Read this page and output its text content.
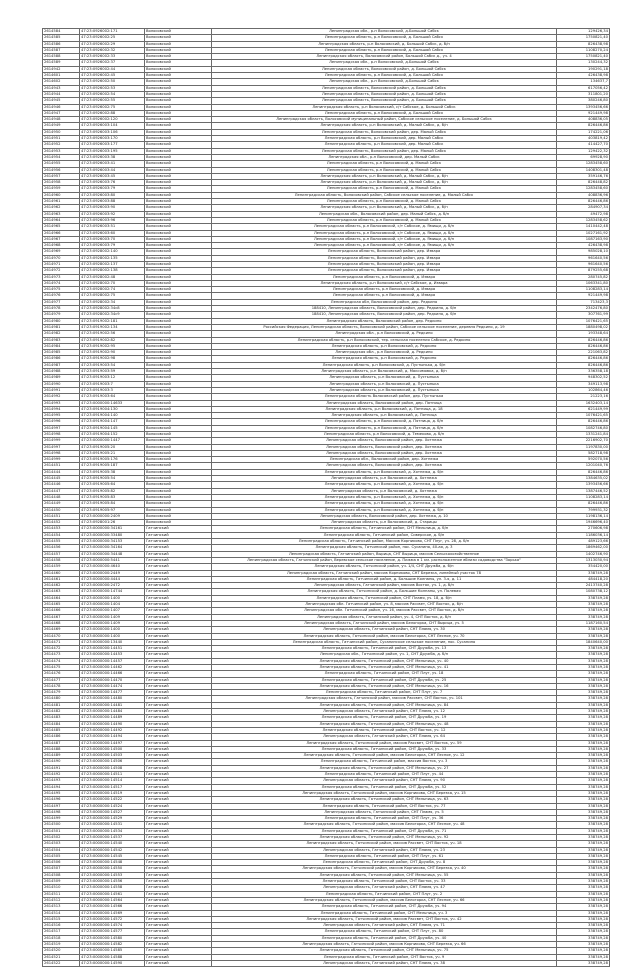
2614584	47:23:0926002:171	Волосовский	Ленинградская обл., р-н Волосовский, д.Большой Сабск	129426,34
2614585	47:23:0926002:25	Волосовский	Ленинградская область, р-н Волосовский, д. Большой Сабск	1750821,40
2614586	47:23:0926002:29	Волосовский	Ленинградская область, р-н Волосовский, д. Большой Сабск, д. б/н	826438,98
2614587	47:23:0926002:32	Волосовский	Ленинградская область, р-н Волосовский, д. Большой Сабск	1108270,24
2614588	47:23:0926002:33	Волосовский	Ленинградская область, Волосовский район, Большой Сабск д., уч. 4	1750821,40
2614589	47:23:0926002:37	Волосовский	Ленинградская обл., р-н Волосовский, д.Большой Сабск	130244,32
2614942	47:23:0926002:44	Волосовский	Ленинградская область, Волосовский район, д. Большой Сабск	190291,18
2614601	47:23:0926002:45	Волосовский	Ленинградская область, р-н Волосовский, д. Большой Сабск	426438,98
2614602	47:23:0926002:50	Волосовский	Ленинградская обл., р-н Волосовский, д.Большой Сабск	134637,7
2614943	47:23:0926002:53	Волосовский	Ленинградская область, Волосовский район, д. Большой Сабск	617056,42
2614944	47:23:0926002:54	Волосовский	Ленинградская область, Волосовский район, д. Большой Сабск	311801,20
2614945	47:23:0926002:55	Волосовский	Ленинградская область, Волосовский район, д. Большой Сабск	380246,80
2614946	47:23:0926002:75	Волосовский	Ленинградская область, р-н Волосовский, с/т Сабское, д. Большой Сабск	1393456,66
2614947	47:23:0926002:88	Волосовский	Ленинградская область, р-н Волосовский, д. Большой Сабск	921449,98
2614948	47:23:0926002:120	Волосовский	Ленинградская область, Волосовский муниципальный район, Сабское сельское поселение, д. Большой Сабск	408836,05
2614949	47:23:0926003:104	Волосовский	Ленинградская область, р-н Волосовский, д. Малый Сабск, д. б/н	826446,86
2614950	47:23:0926003:106	Волосовский	Ленинградская область, Волосовский район, дер. Малый Сабск	174221,06
2614951	47:23:0926003:170	Волосовский	Ленинградская область, р-н Волосовский, дер. Малый Сабск	403819,42
2614952	47:23:0926003:177	Волосовский	Ленинградская область, р-н Волосовский, дер. Малый Сабск	414427,70
2614953	47:23:0926003:195	Волосовский	Ленинградская область, Волосовский район, дер. Малый Сабск	129422,32
2614954	47:23:0926003:38	Волосовский	Ленинградская обл., р-н Волосовский, дер. Малый Сабск	69928,90
2614955	47:23:0926003:41	Волосовский	Ленинградская область, р-н Волосовский, д. Малый Сабск	1283458,60
2614956	47:23:0926003:44	Волосовский	Ленинградская область, р-н Волосовский, д. Малый Сабск	1408301,48
2614957	47:23:0926003:45	Волосовский	Ленинградская область, р-н Волосовский, д. Малый Сабск, д. б/н	359146,76
2614958	47:23:0926003:76	Волосовский	Ленинградская область, р-н Волосовский, д. Малый Сабск, д. б/н	826448,82
2614959	47:23:0926003:79	Волосовский	Ленинградская область, р-н Волосовский, д. Малый Сабск	1283458,60
2614960	47:23:0926003:80	Волосовский	Ленинградская область, Волосовский район, Сабское сельское поселение, д. Малый Сабск	408836,96
2614961	47:23:0926003:88	Волосовский	Ленинградская область, р-н Волосовский, д. Малый Сабск	826446,86
2614962	47:23:0926003:90	Волосовский	Ленинградская область, р-н Волосовский, д. Малый Сабск, д. б/н	284907,34
2614963	47:23:0926003:92	Волосовский	Ленинградская обл., Волосовский район, дер. Малый Сабск, д. б/н	49472,98
2614964	47:23:0926003:96	Волосовский	Ленинградская область, р-н Волосовский, д. Малый Сабск	1283458,62
2614965	47:23:0926003:51	Волосовский	Ленинградская область, р-н Волосовский, с/т Сабское, д. Ямищи, д. б/н	1410442,48
2614966	47:23:0926003:60	Волосовский	Ленинградская область, р-н Волосовский, с/т Сабское, д. Ямищи, д. б/н	1027161,92
2614967	47:23:0926003:70	Волосовский	Ленинградская область, р-н Волосовский, с/т Сабское, д. Ямищи, д. б/н	1087163,90
2614968	47:23:0926003:79	Волосовский	Ленинградская область, р-н Волосовский, с/т Сабское, д. Ямищи, д. б/н	426438,98
2614969	47:23:0928002:140	Волосовский	Ленинградская область, Волосовский район, дер. Извара	985028,10
2614970	47:23:0928002:135	Волосовский	Ленинградская область, Волосовский район, дер. Извара	961640,56
2614971	47:23:0928002:137	Волосовский	Ленинградская область, Волосовский район, дер. Извара	961640,56
2614972	47:23:0928002:138	Волосовский	Ленинградская область, Волосовский район, дер. Извара	879255,68
2614973	47:23:0928002:48	Волосовский	Ленинградская область, р-н Волосовский, д. Извара	280745,82
2614974	47:23:0928002:70	Волосовский	Ленинградская область, р-н Волосовский, с/т Сабское, д. Извара	1063341,80
2614975	47:23:0928002:74	Волосовский	Ленинградская область, р-н Волосовский, д. Извара	1108283,14
2614976	47:23:0928002:75	Волосовский	Ленинградская область, р-н Волосовский, д. Извара	921449,98
2614977	47:23:0928002:34	Волосовский	Ленинградская обл, Волосовский район, дер. Редкино	713423,3
2614978	47:23:0928002:34c8	Волосовский	188410, Ленинградская область, Волосовский район, дер. Редкино, д. б/н	2342476,80
2614979	47:23:0928002:34c9	Волосовский	188410, Ленинградская область, Волосовский район, дер. Редкино, д. б/н	307761,99
2614980	47:23:0919002:181	Волосовский	Ленинградская область, Волосовский район, дер. Редкино	1076421,65
2614981	47:23:0919002:134	Волосовский	Российская Федерация, Ленинградская область, Волосовский район, Сабское сельское поселение, деревня Редкино, д. 19	1880498,02
2614982	47:23:0919002:56	Волосовский	Ленинградская обл., р-н Волосовский, д. Редкино	193348,64
2614983	47:23:0919002:82	Волосовский	Ленинградская область, р-н Волосовский, тер. сельская поселения Сабское, д. Редкино	826446,86
2614984	47:23:0919002:95	Волосовский	Ленинградская область, р-н Волосовский, д. Редкино	826446,86
2614985	47:23:0919002:90	Волосовский	Ленинградская обл., р-н Волосовский, д. Редкино	221063,82
2614986	47:23:0919002:98	Волосовский	Ленинградская область, р-н Волосовский, д. Редкино	826446,86
2614987	47:23:0919003:54	Волосовский	Ленинградская область, р-н Волосовский, д. Пустынька, д. б/н	826446,86
2614988	47:23:0919003:59	Волосовский	Ленинградская область, р-н Волосовский, д. Максимовка, д. б/н	336358,18
2614989	47:23:0919003:12	Волосовский	Ленинградская область, р-н Волосовский, д. Пустынька	948302,52
2614990	47:23:0919003:7	Волосовский	Ленинградская область, р-н Волосовский, д. Пустынька	349113,98
2614991	47:23:0919003:3	Волосовский	Ленинградская область, р-н Волосовский, д. Пустынька	102864,46
2614992	47:23:0919003:64	Волосовский	Ленинградская область Волосовский район, дер. Пустынька	21223,16
2614993	47:23:0000000:14633	Волосовский	Ленинградская область, Волосовский район, дер. Пятница	1632403,14
2614994	47:23:0919004:130	Волосовский	Ленинградская область, р-н Волосовский, д. Пятница, д. 18	621449,99
2614995	47:23:0919004:140	Волосовский	Ленинградская область, р-н Волосовский, д. Пятница	1076421,65
2614996	47:23:0919004:147	Волосовский	Ленинградская область, р-н Волосовский, д. Пятница, д. б/н	826446,86
2614997	47:23:0919004:145	Волосовский	Ленинградская область, р-н Волосовский, д. Пятница, д. б/н	1082746,80
2614998	47:23:0919004:152	Волосовский	Ленинградская область, р-н Волосовский, д. Темеково, д. б/н	1331241,84
2614999	47:23:0000000:1447	Волосовский	Ленинградская область, Волосовский район, дер. Хотнежа	2216902,70
2614997	47:23:0919005:20	Волосовский	Ленинградская область, Волосовский район, дер. Хотнежа	1197830,00
2614998	47:23:0919005:21	Волосовский	Ленинградская область, Волосовский район, дер. Хотнежа	582718,98
2614999	47:23:0919005:176	Волосовский	Ленинградская обл., Волосовский район, дер. Хотнежа	592070,56
2614451	47:23:0919005:187	Волосовский	Ленинградская область, Волосовский район, дер. Хотнежа	1201040,76
2614444	47:23:0919005:38	Волосовский	Ленинградская область, р-н Волосовский, д. Хотнежа, д. б/н	826446,86
2614445	47:23:0919005:54	Волосовский	Ленинградская область, р-н Волосовский, д. Хотнежа	1384635,02
2614446	47:23:0919005:64	Волосовский	Ленинградская область, р-н Волосовский, д. Хотнежа, д. б/н	1393456,66
2614447	47:23:0919005:82	Волосовский	Ленинградская область, р-н Волосовский, д. Хотнежа	1387446,52
2614448	47:23:0919005:83	Волосовский	Ленинградская область, р-н Волосовский, д. Хотнежа, д. б/н	1108283,14
2614449	47:23:0919005:84	Волосовский	Ленинградская область, р-н Волосовский, д. Хотнежа, д. б/н	826446,86
2614450	47:23:0919005:97	Волосовский	Ленинградская область, р-н Волосовский, д. Хотнежа, д. б/н	799931,32
2614451	47:23:0000000:2409	Волосовский	Ленинградская область, Волосовский район, дер. Хотнежа, д. 10	1198136,14
2614452	47:23:0928001:26	Волосовский	Ленинградская область, р-н Волосовский, д. Старицы	1946696,40
2614453	47:23:0000000:34161	Гатчинский	Ленинградская область, Гатчинский район, СНТ Мельница, д. б/н	270606,98
2614454	47:23:0000000:33480	Гатчинский	Ленинградская область, Гатчинский район, Сиверское, д. б/н	1186036,14
2614455	47:23:0000000:34153	Гатчинский	Ленинградская область, Гатчинский район, Массив Корпиково, СНТ Плуг, уч. 28, д. б/н	489123,66
2614456	47:23:0000000:34164	Гатчинский	Ленинградская область, Гатчинский район, пос. Сусанино, 40-ая, д. 3	1869462,00
2614457	47:23:0000000:34448	Гатчинский	Ленинградская область, Гатчинский район, Вырица, СНТ Вырица, массив Сельскохозяйственное	1402746,90
2614458	47:23:0000000:5441	Гатчинский	Ленинградская область, Гатчинский район, Веревское сельское поселение, д. Пижма в 1 км. расположенное вблизи садоводства "Зорька"	1313030,94
2614459	47:23:0000000:4640	Гатчинский	Ленинградская область, Гатчинский район, уч. 1/4, СНТ Дружба, д. б/н	354420,00
2614460	47:23:0000000:2449	Гатчинский	Ленинградская область, Гатчинский район, массив Корпиково, СНТ Березка, линейный участок 78	338749,28
2614461	47:23:0000000:4444	Гатчинский	Ленинградская область, Гатчинский район, д. Большие Колпаны, ул. 3-я, д. 11	484418,20
2614462	47:23:0000000:2472	Гатчинский	Ленинградская область, Гатчинский район, массив Восток, уч. 1, д. б/н	2413740,28
2614463	47:23:0000000:14744	Гатчинский	Ленинградская область, Гатчинский район, д. Большие Колпаны, ул. Полевая	1080738,12
2614464	47:23:0000000:1400	Гатчинский	Ленинградская область, Гатчинский район, СНТ Пламя, уч. 18, д. б/н	338749,28
2614465	47:23:0000000:1404	Гатчинский	Ленинградская обл. Гатчинский район, уч. 8, массив Рассвет, СНТ Восток, д. б/н	338749,28
2614466	47:23:0000000:1407	Гатчинский	Ленинградская обл. Гатчинский район, уч. 16, массив Рассвет, СНТ Восток, д. б/н	338749,28
2614467	47:23:0000000:1409	Гатчинский	Ленинградская область, Гатчинский район, уч. 4, СНТ Восток, д. б/н	338749,28
2614468	47:23:0000000:1409	Гатчинский	Ленинградская область, Гатчинский район, массив Белогорка, СНТ Вырица, уч. 5	1187160,54
2614469	47:23:0000000:1400	Гатчинский	Ленинградская область, Гатчинский район, СНТ Пламя, уч. 30	338749,28
2614470	47:23:0000000:1400	Гатчинский	Ленинградская область, Гатчинский район, массив Белогорка, СНТ Лесное, уч. 70	338749,28
2614471	47:23:0000000:13440	Гатчинский	Ленинградская область, Гатчинский район, Сусанинское сельское поселение, пос. Сусанино	1840640,00
2614472	47:23:0000000:14451	Гатчинский	Ленинградская область, Гатчинский район, СНТ Дружба, уч. 13	338749,28
2614473	47:23:0000000:14453	Гатчинский	Ленинградская обл., Гатчинский район, уч. 1, СНТ Дружба, д. б/н	338749,28
2614474	47:23:0000000:14457	Гатчинский	Ленинградская область, Гатчинский район, СНТ Мельница, уч. 40	338749,28
2614475	47:23:0000000:14462	Гатчинский	Ленинградская область, Гатчинский район, СНТ Мельница, уч. 41	338749,28
2614476	47:23:0000000:14466	Гатчинский	Ленинградская область, Гатчинский район, СНТ Плуг, уч. 18	338749,28
2614477	47:23:0000000:14470	Гатчинский	Ленинградская область, Гатчинский район, СНТ Дружба, уч. 25	338749,28
2614478	47:23:0000000:14474	Гатчинский	Ленинградская область, Гатчинский район, СНТ Мельница, уч. 16	338749,28
2614479	47:23:0000000:14477	Гатчинский	Ленинградская область, Гатчинский район, СНТ Плуг, уч. 7	338749,28
2614480	47:23:0000000:14480	Гатчинский	Ленинградская область, Гатчинский район, массив Рассвет, СНТ Восток, уч. 101	338749,28
2614481	47:23:0000000:14481	Гатчинский	Ленинградская область, Гатчинский район, СНТ Мельница, уч. 84	338749,28
2614482	47:23:0000000:14484	Гатчинский	Ленинградская область, Гатчинский район, СНТ Пламя, уч. 12	338749,28
2614483	47:23:0000000:14489	Гатчинский	Ленинградская область, Гатчинский район, СНТ Дружба, уч. 19	338749,28
2614484	47:23:0000000:14490	Гатчинский	Ленинградская область, Гатчинский район, СНТ Мельница, уч. 48	338749,28
2614485	47:23:0000000:14492	Гатчинский	Ленинградская область, Гатчинский район, СНТ Восток, уч. 12	338749,28
2614486	47:23:0000000:14494	Гатчинский	Ленинградская область, Гатчинский район, СНТ Пламя, уч. 64	338749,28
2614487	47:23:0000000:14497	Гатчинский	Ленинградская область, Гатчинский район, массив Рассвет, СНТ Восток, уч. 59	338749,28
2614488	47:23:0000000:14500	Гатчинский	Ленинградская область, Гатчинский район, СНТ Дружба, уч. 33	338749,28
2614489	47:23:0000000:14503	Гатчинский	Ленинградская область, Гатчинский район, массив Белогорка, СНТ Лесное, уч. 12	338749,28
2614490	47:23:0000000:14506	Гатчинский	Ленинградская область, Гатчинский район, массив Восток, уч. 3	338749,28
2614491	47:23:0000000:14508	Гатчинский	Ленинградская область, Гатчинский район, СНТ Мельница, уч. 27	338749,28
2614492	47:23:0000000:14511	Гатчинский	Ленинградская область, Гатчинский район, СНТ Плуг, уч. 44	338749,28
2614493	47:23:0000000:14514	Гатчинский	Ленинградская область, Гатчинский район, СНТ Пламя, уч. 90	338749,28
2614494	47:23:0000000:14517	Гатчинский	Ленинградская область, Гатчинский район, СНТ Дружба, уч. 52	338749,28
2614495	47:23:0000000:14519	Гатчинский	Ленинградская область, Гатчинский район, массив Корпиково, СНТ Березка, уч. 15	338749,28
2614496	47:23:0000000:14522	Гатчинский	Ленинградская область, Гатчинский район, СНТ Мельница, уч. 63	338749,28
2614497	47:23:0000000:14524	Гатчинский	Ленинградская область, Гатчинский район, СНТ Восток, уч. 77	338749,28
2614498	47:23:0000000:14527	Гатчинский	Ленинградская область, Гатчинский район, СНТ Пламя, уч. 5	338749,28
2614499	47:23:0000000:14529	Гатчинский	Ленинградская область, Гатчинский район, СНТ Плуг, уч. 36	338749,28
2614500	47:23:0000000:14531	Гатчинский	Ленинградская область, Гатчинский район, массив Белогорка, СНТ Лесное, уч. 48	338749,28
2614501	47:23:0000000:14534	Гатчинский	Ленинградская область, Гатчинский район, СНТ Дружба, уч. 71	338749,28
2614502	47:23:0000000:14537	Гатчинский	Ленинградская область, Гатчинский район, СНТ Мельница, уч. 92	338749,28
2614503	47:23:0000000:14540	Гатчинский	Ленинградская область, Гатчинский район, массив Рассвет, СНТ Восток, уч. 18	338749,28
2614504	47:23:0000000:14542	Гатчинский	Ленинградская область, Гатчинский район, СНТ Пламя, уч. 23	338749,28
2614505	47:23:0000000:14545	Гатчинский	Ленинградская область, Гатчинский район, СНТ Плуг, уч. 61	338749,28
2614506	47:23:0000000:14548	Гатчинский	Ленинградская область, Гатчинский район, СНТ Дружба, уч. 8	338749,28
2614507	47:23:0000000:14550	Гатчинский	Ленинградская область, Гатчинский район, массив Корпиково, СНТ Березка, уч. 40	338749,28
2614508	47:23:0000000:14553	Гатчинский	Ленинградская область, Гатчинский район, СНТ Мельница, уч. 55	338749,28
2614509	47:23:0000000:14556	Гатчинский	Ленинградская область, Гатчинский район, СНТ Восток, уч. 33	338749,28
2614510	47:23:0000000:14558	Гатчинский	Ленинградская область, Гатчинский район, СНТ Пламя, уч. 47	338749,28
2614511	47:23:0000000:14561	Гатчинский	Ленинградская область, Гатчинский район, СНТ Плуг, уч. 2	338749,28
2614512	47:23:0000000:14564	Гатчинский	Ленинградская область, Гатчинский район, массив Белогорка, СНТ Лесное, уч. 66	338749,28
2614513	47:23:0000000:14566	Гатчинский	Ленинградская область, Гатчинский район, СНТ Дружба, уч. 94	338749,28
2614514	47:23:0000000:14569	Гатчинский	Ленинградская область, Гатчинский район, СНТ Мельница, уч. 3	338749,28
2614515	47:23:0000000:14572	Гатчинский	Ленинградская область, Гатчинский район, массив Рассвет, СНТ Восток, уч. 42	338749,28
2614516	47:23:0000000:14574	Гатчинский	Ленинградская область, Гатчинский район, СНТ Пламя, уч. 71	338749,28
2614517	47:23:0000000:14577	Гатчинский	Ленинградская область, Гатчинский район, СНТ Плуг, уч. 80	338749,28
2614518	47:23:0000000:14580	Гатчинский	Ленинградская область, Гатчинский район, СНТ Дружба, уч. 40	338749,28
2614519	47:23:0000000:14582	Гатчинский	Ленинградская область, Гатчинский район, массив Корпиково, СНТ Березка, уч. 66	338749,28
2614520	47:23:0000000:14585	Гатчинский	Ленинградская область, Гатчинский район, СНТ Мельница, уч. 75	338749,28
2614521	47:23:0000000:14588	Гатчинский	Ленинградская область, Гатчинский район, СНТ Восток, уч. 9	338749,28
2614522	47:23:0000000:14590	Гатчинский	Ленинградская область, Гатчинский район, СНТ Пламя, уч. 38	338749,28
